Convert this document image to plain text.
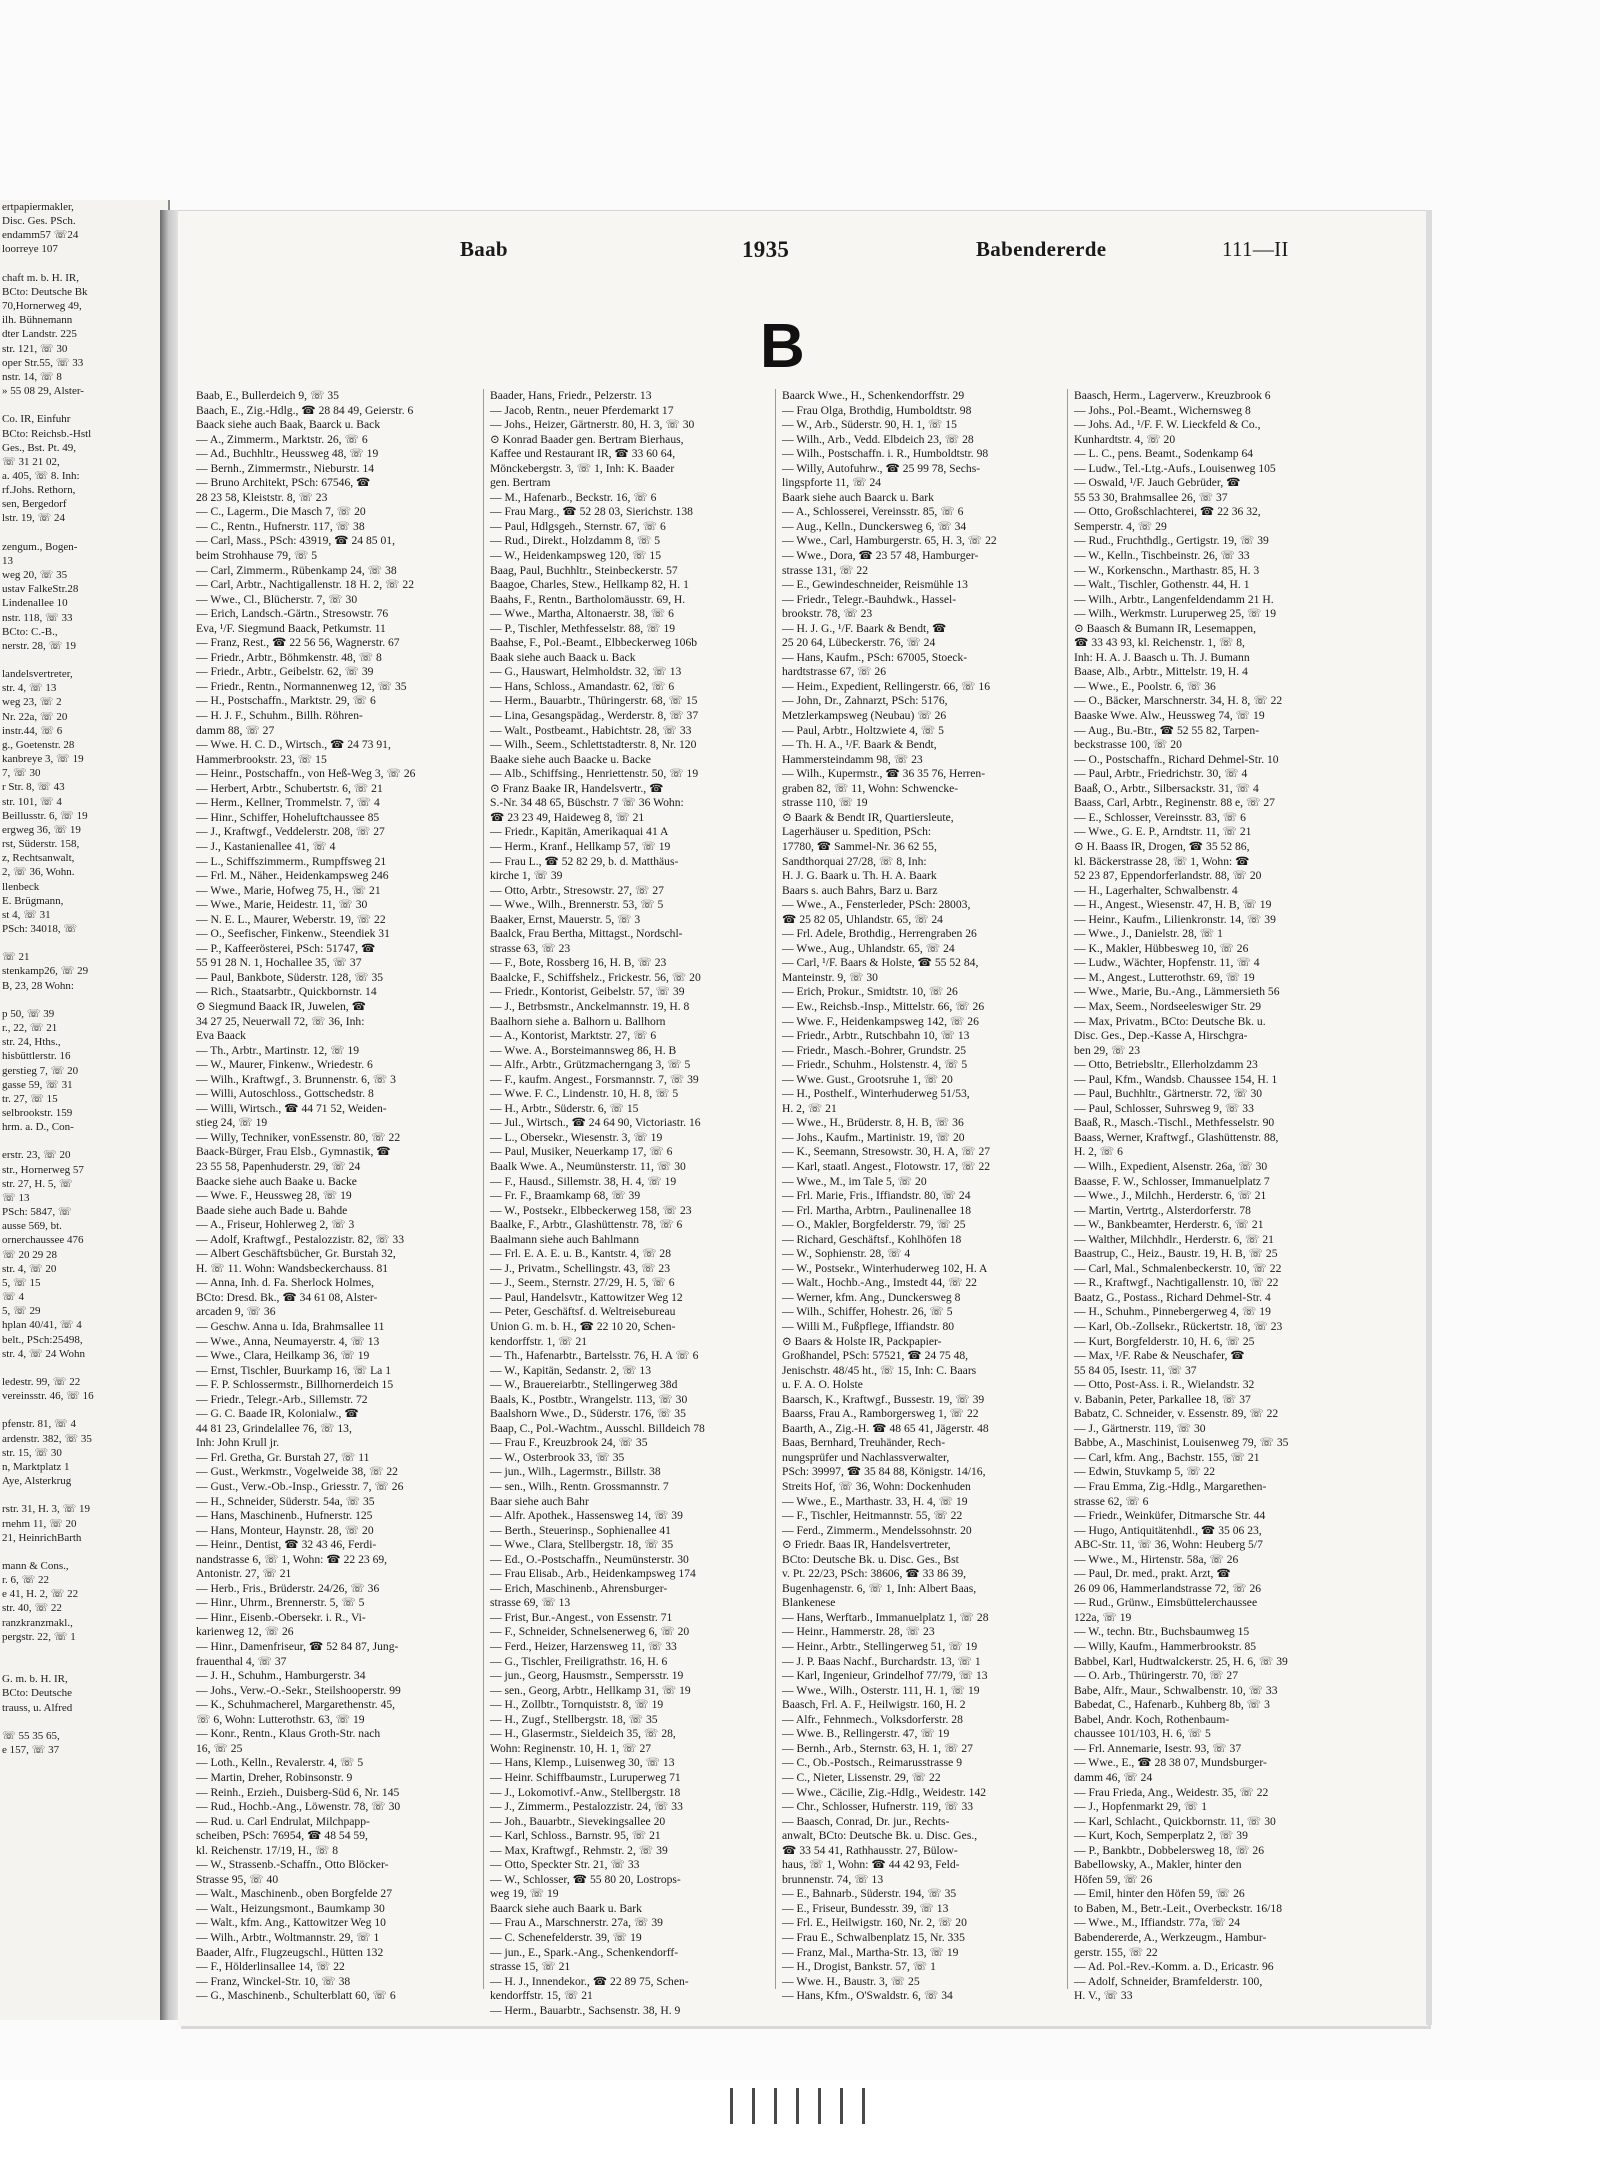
ertpapiermakler,
Disc. Ges. PSch.
endamm57 ☏24
loorreye 107

chaft m. b. H. IR,
BCto: Deutsche Bk
70,Hornerweg 49,
ilh. Bühnemann
dter Landstr. 225
str. 121, ☏ 30
oper Str.55, ☏ 33
nstr. 14, ☏ 8
» 55 08 29, Alster-

Co. IR, Einfuhr
BCto: Reichsb.-Hstl
Ges., Bst. Pt. 49,
☏ 31 21 02,
a. 405, ☏ 8. Inh:
rf.Johs. Rethorn,
sen, Bergedorf
lstr. 19, ☏ 24

zengum., Bogen-
13
weg 20, ☏ 35
ustav FalkeStr.28
Lindenallee 10
nstr. 118, ☏ 33
BCto: C.-B.,
nerstr. 28, ☏ 19

landelsvertreter,
str. 4, ☏ 13
weg 23, ☏ 2
Nr. 22a, ☏ 20
instr.44, ☏ 6
g., Goetenstr. 28
kanbreye 3, ☏ 19
7, ☏ 30
r Str. 8, ☏ 43
str. 101, ☏ 4
Beillusstr. 6, ☏ 19
ergweg 36, ☏ 19
rst, Süderstr. 158,
z, Rechtsanwalt,
2, ☏ 36, Wohn.
llenbeck
E. Brügmann,
st 4, ☏ 31
PSch: 34018, ☏

☏ 21
stenkamp26, ☏ 29
B, 23, 28 Wohn:

p 50, ☏ 39
r., 22, ☏ 21
str. 24, Hths.,
hisbüttlerstr. 16
gerstieg 7, ☏ 20
gasse 59, ☏ 31
tr. 27, ☏ 15
selbrookstr. 159
hrm. a. D., Con-

erstr. 23, ☏ 20
str., Hornerweg 57
str. 27, H. 5, ☏
☏ 13
PSch: 5847, ☏
ausse 569, bt.
ornerchaussee 476
☏ 20 29 28
str. 4, ☏ 20
5, ☏ 15
☏ 4
5, ☏ 29
hplan 40/41, ☏ 4
belt., PSch:25498,
str. 4, ☏ 24 Wohn

ledestr. 99, ☏ 22
vereinsstr. 46, ☏ 16

pfenstr. 81, ☏ 4
ardenstr. 382, ☏ 35
str. 15, ☏ 30
n, Marktplatz 1
Aye, Alsterkrug

rstr. 31, H. 3, ☏ 19
rnehm 11, ☏ 20
21, HeinrichBarth

mann & Cons.,
r. 6, ☏ 22
e 41, H. 2, ☏ 22
str. 40, ☏ 22
ranzkranzmakl.,
pergstr. 22, ☏ 1

G. m. b. H. IR,
BCto: Deutsche
trauss, u. Alfred

☏ 55 35 65,
e 157, ☏ 37
Baab	1935	Babendererde	111—II
B
Baab, E., Bullerdeich 9, ☏ 35
Baach, E., Zig.-Hdlg., ☎ 28 84 49, Geierstr. 6
Baack siehe auch Baak, Baarck u. Back
— A., Zimmerm., Marktstr. 26, ☏ 6
— Ad., Buchhltr., Heussweg 48, ☏ 19
— Bernh., Zimmermstr., Nieburstr. 14
— Bruno Architekt, PSch: 67546, ☎
28 23 58, Kleiststr. 8, ☏ 23
— C., Lagerm., Die Masch 7, ☏ 20
— C., Rentn., Hufnerstr. 117, ☏ 38
— Carl, Mass., PSch: 43919, ☎ 24 85 01,
beim Strohhause 79, ☏ 5
— Carl, Zimmerm., Rübenkamp 24, ☏ 38
— Carl, Arbtr., Nachtigallenstr. 18 H. 2, ☏ 22
— Wwe., Cl., Blücherstr. 7, ☏ 30
— Erich, Landsch.-Gärtn., Stresowstr. 76
Eva, ¹/F. Siegmund Baack, Petkumstr. 11
— Franz, Rest., ☎ 22 56 56, Wagnerstr. 67
— Friedr., Arbtr., Böhmkenstr. 48, ☏ 8
— Friedr., Arbtr., Geibelstr. 62, ☏ 39
— Friedr., Rentn., Normannenweg 12, ☏ 35
— H., Postschaffn., Marktstr. 29, ☏ 6
— H. J. F., Schuhm., Billh. Röhren-
damm 88, ☏ 27
— Wwe. H. C. D., Wirtsch., ☎ 24 73 91,
Hammerbrookstr. 23, ☏ 15
— Heinr., Postschaffn., von Heß-Weg 3, ☏ 26
— Herbert, Arbtr., Schubertstr. 6, ☏ 21
— Herm., Kellner, Trommelstr. 7, ☏ 4
— Hinr., Schiffer, Hoheluftchaussee 85
— J., Kraftwgf., Veddelerstr. 208, ☏ 27
— J., Kastanienallee 41, ☏ 4
— L., Schiffszimmerm., Rumpffsweg 21
— Frl. M., Näher., Heidenkampsweg 246
— Wwe., Marie, Hofweg 75, H., ☏ 21
— Wwe., Marie, Heidestr. 11, ☏ 30
— N. E. L., Maurer, Weberstr. 19, ☏ 22
— O., Seefischer, Finkenw., Steendiek 31
— P., Kaffeerösterei, PSch: 51747, ☎
55 91 28 N. 1, Hochallee 35, ☏ 37
— Paul, Bankbote, Süderstr. 128, ☏ 35
— Rich., Staatsarbtr., Quickbornstr. 14
⊙ Siegmund Baack IR, Juwelen, ☎
34 27 25, Neuerwall 72, ☏ 36, Inh:
Eva Baack
— Th., Arbtr., Martinstr. 12, ☏ 19
— W., Maurer, Finkenw., Wriedestr. 6
— Wilh., Kraftwgf., 3. Brunnenstr. 6, ☏ 3
— Willi, Autoschloss., Gottschedstr. 8
— Willi, Wirtsch., ☎ 44 71 52, Weiden-
stieg 24, ☏ 19
— Willy, Techniker, vonEssenstr. 80, ☏ 22
Baack-Bürger, Frau Elsb., Gymnastik, ☎
23 55 58, Papenhuderstr. 29, ☏ 24
Baacke siehe auch Baake u. Backe
— Wwe. F., Heussweg 28, ☏ 19
Baade siehe auch Bade u. Bahde
— A., Friseur, Hohlerweg 2, ☏ 3
— Adolf, Kraftwgf., Pestalozzistr. 82, ☏ 33
— Albert Geschäftsbücher, Gr. Burstah 32,
H. ☏ 11. Wohn: Wandsbeckerchauss. 81
— Anna, Inh. d. Fa. Sherlock Holmes,
BCto: Dresd. Bk., ☎ 34 61 08, Alster-
arcaden 9, ☏ 36
— Geschw. Anna u. Ida, Brahmsallee 11
— Wwe., Anna, Neumayerstr. 4, ☏ 13
— Wwe., Clara, Heilkamp 36, ☏ 19
— Ernst, Tischler, Buurkamp 16, ☏ La 1
— F. P. Schlossermstr., Billhornerdeich 15
— Friedr., Telegr.-Arb., Sillemstr. 72
— G. C. Baade IR, Kolonialw., ☎
44 81 23, Grindelallee 76, ☏ 13,
Inh: John Krull jr.
— Frl. Gretha, Gr. Burstah 27, ☏ 11
— Gust., Werkmstr., Vogelweide 38, ☏ 22
— Gust., Verw.-Ob.-Insp., Griesstr. 7, ☏ 26
— H., Schneider, Süderstr. 54a, ☏ 35
— Hans, Maschinenb., Hufnerstr. 125
— Hans, Monteur, Haynstr. 28, ☏ 20
— Heinr., Dentist, ☎ 32 43 46, Ferdi-
nandstrasse 6, ☏ 1, Wohn: ☎ 22 23 69,
Antonistr. 27, ☏ 21
— Herb., Fris., Brüderstr. 24/26, ☏ 36
— Hinr., Uhrm., Brennerstr. 5, ☏ 5
— Hinr., Eisenb.-Obersekr. i. R., Vi-
karienweg 12, ☏ 26
— Hinr., Damenfriseur, ☎ 52 84 87, Jung-
frauenthal 4, ☏ 37
— J. H., Schuhm., Hamburgerstr. 34
— Johs., Verw.-O.-Sekr., Steilshooperstr. 99
— K., Schuhmacherel, Margarethenstr. 45,
☏ 6, Wohn: Lutterothstr. 63, ☏ 19
— Konr., Rentn., Klaus Groth-Str. nach
16, ☏ 25
— Loth., Kelln., Revalerstr. 4, ☏ 5
— Martin, Dreher, Robinsonstr. 9
— Reinh., Erzieh., Duisberg-Süd 6, Nr. 145
— Rud., Hochb.-Ang., Löwenstr. 78, ☏ 30
— Rud. u. Carl Endrulat, Milchpapp-
scheiben, PSch: 76954, ☎ 48 54 59,
kl. Reichenstr. 17/19, H., ☏ 8
— W., Strassenb.-Schaffn., Otto Blöcker-
Strasse 95, ☏ 40
— Walt., Maschinenb., oben Borgfelde 27
— Walt., Heizungsmont., Baumkamp 30
— Walt., kfm. Ang., Kattowitzer Weg 10
— Wilh., Arbtr., Woltmannstr. 29, ☏ 1
Baader, Alfr., Flugzeugschl., Hütten 132
— F., Hölderlinsallee 14, ☏ 22
— Franz, Winckel-Str. 10, ☏ 38
— G., Maschinenb., Schulterblatt 60, ☏ 6
Baader, Hans, Friedr., Pelzerstr. 13
— Jacob, Rentn., neuer Pferdemarkt 17
— Johs., Heizer, Gärtnerstr. 80, H. 3, ☏ 30
⊙ Konrad Baader gen. Bertram Bierhaus,
Kaffee und Restaurant IR, ☎ 33 60 64,
Mönckebergstr. 3, ☏ 1, Inh: K. Baader
gen. Bertram
— M., Hafenarb., Beckstr. 16, ☏ 6
— Frau Marg., ☎ 52 28 03, Sierichstr. 138
— Paul, Hdlgsgeh., Sternstr. 67, ☏ 6
— Rud., Direkt., Holzdamm 8, ☏ 5
— W., Heidenkampsweg 120, ☏ 15
Baag, Paul, Buchhltr., Steinbeckerstr. 57
Baagoe, Charles, Stew., Hellkamp 82, H. 1
Baahs, F., Rentn., Bartholomäusstr. 69, H.
— Wwe., Martha, Altonaerstr. 38, ☏ 6
— P., Tischler, Methfesselstr. 88, ☏ 19
Baahse, F., Pol.-Beamt., Elbbeckerweg 106b
Baak siehe auch Baack u. Back
— G., Hauswart, Helmholdstr. 32, ☏ 13
— Hans, Schloss., Amandastr. 62, ☏ 6
— Herm., Bauarbtr., Thüringerstr. 68, ☏ 15
— Lina, Gesangspädag., Werderstr. 8, ☏ 37
— Walt., Postbeamt., Habichtstr. 28, ☏ 33
— Wilh., Seem., Schlettstadterstr. 8, Nr. 120
Baake siehe auch Baacke u. Backe
— Alb., Schiffsing., Henriettenstr. 50, ☏ 19
⊙ Franz Baake IR, Handelsvertr., ☎
S.-Nr. 34 48 65, Büschstr. 7 ☏ 36 Wohn:
☎ 23 23 49, Haideweg 8, ☏ 21
— Friedr., Kapitän, Amerikaquai 41 A
— Herm., Kranf., Hellkamp 57, ☏ 19
— Frau L., ☎ 52 82 29, b. d. Matthäus-
kirche 1, ☏ 39
— Otto, Arbtr., Stresowstr. 27, ☏ 27
— Wwe., Wilh., Brennerstr. 53, ☏ 5
Baaker, Ernst, Mauerstr. 5, ☏ 3
Baalck, Frau Bertha, Mittagst., Nordschl-
strasse 63, ☏ 23
— F., Bote, Rossberg 16, H. B, ☏ 23
Baalcke, F., Schiffshelz., Frickestr. 56, ☏ 20
— Friedr., Kontorist, Geibelstr. 57, ☏ 39
— J., Betrbsmstr., Anckelmannstr. 19, H. 8
Baalhorn siehe a. Balhorn u. Ballhorn
— A., Kontorist, Marktstr. 27, ☏ 6
— Wwe. A., Borsteimannsweg 86, H. B
— Alfr., Arbtr., Grützmacherngang 3, ☏ 5
— F., kaufm. Angest., Forsmannstr. 7, ☏ 39
— Wwe. F. C., Lindenstr. 10, H. 8, ☏ 5
— H., Arbtr., Süderstr. 6, ☏ 15
— Jul., Wirtsch., ☎ 24 64 90, Victoriastr. 16
— L., Obersekr., Wiesenstr. 3, ☏ 19
— Paul, Musiker, Neuerkamp 17, ☏ 6
Baalk Wwe. A., Neumünsterstr. 11, ☏ 30
— F., Hausd., Sillemstr. 38, H. 4, ☏ 19
— Fr. F., Braamkamp 68, ☏ 39
— W., Postsekr., Elbbeckerweg 158, ☏ 23
Baalke, F., Arbtr., Glashüttenstr. 78, ☏ 6
Baalmann siehe auch Bahlmann
— Frl. E. A. E. u. B., Kantstr. 4, ☏ 28
— J., Privatm., Schellingstr. 43, ☏ 23
— J., Seem., Sternstr. 27/29, H. 5, ☏ 6
— Paul, Handelsvtr., Kattowitzer Weg 12
— Peter, Geschäftsf. d. Weltreisebureau
Union G. m. b. H., ☎ 22 10 20, Schen-
kendorffstr. 1, ☏ 21
— Th., Hafenarbtr., Bartelsstr. 76, H. A ☏ 6
— W., Kapitän, Sedanstr. 2, ☏ 13
— W., Brauereiarbtr., Stellingerweg 38d
Baals, K., Postbtr., Wrangelstr. 113, ☏ 30
Baalshorn Wwe., D., Süderstr. 176, ☏ 35
Baap, C., Pol.-Wachtm., Ausschl. Billdeich 78
— Frau F., Kreuzbrook 24, ☏ 35
— W., Osterbrook 33, ☏ 35
— jun., Wilh., Lagermstr., Billstr. 38
— sen., Wilh., Rentn. Grossmannstr. 7
Baar siehe auch Bahr
— Alfr. Apothek., Hassensweg 14, ☏ 39
— Berth., Steuerinsp., Sophienallee 41
— Wwe., Clara, Stellbergstr. 18, ☏ 35
— Ed., O.-Postschaffn., Neumünsterstr. 30
— Frau Elisab., Arb., Heidenkampsweg 174
— Erich, Maschinenb., Ahrensburger-
strasse 69, ☏ 13
— Frist, Bur.-Angest., von Essenstr. 71
— F., Schneider, Schnelsenerweg 6, ☏ 20
— Ferd., Heizer, Harzensweg 11, ☏ 33
— G., Tischler, Freiligrathstr. 16, H. 6
— jun., Georg, Hausmstr., Sempersstr. 19
— sen., Georg, Arbtr., Hellkamp 31, ☏ 19
— H., Zollbtr., Tornquiststr. 8, ☏ 19
— H., Zugf., Stellbergstr. 18, ☏ 35
— H., Glasermstr., Sieldeich 35, ☏ 28,
Wohn: Reginenstr. 10, H. 1, ☏ 27
— Hans, Klemp., Luisenweg 30, ☏ 13
— Heinr. Schiffbaumstr., Luruperweg 71
— J., Lokomotivf.-Anw., Stellbergstr. 18
— J., Zimmerm., Pestalozzistr. 24, ☏ 33
— Joh., Bauarbtr., Sievekingsallee 20
— Karl, Schloss., Barnstr. 95, ☏ 21
— Max, Kraftwgf., Rehmstr. 2, ☏ 39
— Otto, Speckter Str. 21, ☏ 33
— W., Schlosser, ☎ 55 80 20, Lostrops-
weg 19, ☏ 19
Baarck siehe auch Baark u. Bark
— Frau A., Marschnerstr. 27a, ☏ 39
— C. Schenefelderstr. 39, ☏ 19
— jun., E., Spark.-Ang., Schenkendorff-
strasse 15, ☏ 21
— H. J., Innendekor., ☎ 22 89 75, Schen-
kendorffstr. 15, ☏ 21
— Herm., Bauarbtr., Sachsenstr. 38, H. 9
Baarck Wwe., H., Schenkendorffstr. 29
— Frau Olga, Brothdig, Humboldtstr. 98
— W., Arb., Süderstr. 90, H. 1, ☏ 15
— Wilh., Arb., Vedd. Elbdeich 23, ☏ 28
— Wilh., Postschaffn. i. R., Humboldtstr. 98
— Willy, Autofuhrw., ☎ 25 99 78, Sechs-
lingspforte 11, ☏ 24
Baark siehe auch Baarck u. Bark
— A., Schlosserei, Vereinsstr. 85, ☏ 6
— Aug., Kelln., Dunckersweg 6, ☏ 34
— Wwe., Carl, Hamburgerstr. 65, H. 3, ☏ 22
— Wwe., Dora, ☎ 23 57 48, Hamburger-
strasse 131, ☏ 22
— E., Gewindeschneider, Reismühle 13
— Friedr., Telegr.-Bauhdwk., Hassel-
brookstr. 78, ☏ 23
— H. J. G., ¹/F. Baark & Bendt, ☎
25 20 64, Lübeckerstr. 76, ☏ 24
— Hans, Kaufm., PSch: 67005, Stoeck-
hardtstrasse 67, ☏ 26
— Heim., Expedient, Rellingerstr. 66, ☏ 16
— John, Dr., Zahnarzt, PSch: 5176,
Metzlerkampsweg (Neubau) ☏ 26
— Paul, Arbtr., Holtzwiete 4, ☏ 5
— Th. H. A., ¹/F. Baark & Bendt,
Hammersteindamm 98, ☏ 23
— Wilh., Kupermstr., ☎ 36 35 76, Herren-
graben 82, ☏ 11, Wohn: Schwencke-
strasse 110, ☏ 19
⊙ Baark & Bendt IR, Quartiersleute,
Lagerhäuser u. Spedition, PSch:
17780, ☎ Sammel-Nr. 36 62 55,
Sandthorquai 27/28, ☏ 8, Inh:
H. J. G. Baark u. Th. H. A. Baark
Baars s. auch Bahrs, Barz u. Barz
— Wwe., A., Fensterleder, PSch: 28003,
☎ 25 82 05, Uhlandstr. 65, ☏ 24
— Frl. Adele, Brothdig., Herrengraben 26
— Wwe., Aug., Uhlandstr. 65, ☏ 24
— Carl, ¹/F. Baars & Holste, ☎ 55 52 84,
Manteinstr. 9, ☏ 30
— Erich, Prokur., Smidtstr. 10, ☏ 26
— Ew., Reichsb.-Insp., Mittelstr. 66, ☏ 26
— Wwe. F., Heidenkampsweg 142, ☏ 26
— Friedr., Arbtr., Rutschbahn 10, ☏ 13
— Friedr., Masch.-Bohrer, Grundstr. 25
— Friedr., Schuhm., Holstenstr. 4, ☏ 5
— Wwe. Gust., Grootsruhe 1, ☏ 20
— H., Posthelf., Winterhuderweg 51/53,
H. 2, ☏ 21
— Wwe., H., Brüderstr. 8, H. B, ☏ 36
— Johs., Kaufm., Martinistr. 19, ☏ 20
— K., Seemann, Stresowstr. 30, H. A, ☏ 27
— Karl, staatl. Angest., Flotowstr. 17, ☏ 22
— Wwe., M., im Tale 5, ☏ 20
— Frl. Marie, Fris., Iffiandstr. 80, ☏ 24
— Frl. Martha, Arbtrn., Paulinenallee 18
— O., Makler, Borgfelderstr. 79, ☏ 25
— Richard, Geschäftsf., Kohlhöfen 18
— W., Sophienstr. 28, ☏ 4
— W., Postsekr., Winterhuderweg 102, H. A
— Walt., Hochb.-Ang., Imstedt 44, ☏ 22
— Werner, kfm. Ang., Dunckersweg 8
— Wilh., Schiffer, Hohestr. 26, ☏ 5
— Willi M., Fußpflege, Iffiandstr. 80
⊙ Baars & Holste IR, Packpapier-
Großhandel, PSch: 57521, ☎ 24 75 48,
Jenischstr. 48/45 ht., ☏ 15, Inh: C. Baars
u. F. A. O. Holste
Baarsch, K., Kraftwgf., Bussestr. 19, ☏ 39
Baarss, Frau A., Ramborgersweg 1, ☏ 22
Baarth, A., Zig.-H. ☎ 48 65 41, Jägerstr. 48
Baas, Bernhard, Treuhänder, Rech-
nungsprüfer und Nachlassverwalter,
PSch: 39997, ☎ 35 84 88, Königstr. 14/16,
Streits Hof, ☏ 36, Wohn: Dockenhuden
— Wwe., E., Marthastr. 33, H. 4, ☏ 19
— F., Tischler, Heitmannstr. 55, ☏ 22
— Ferd., Zimmerm., Mendelssohnstr. 20
⊙ Friedr. Baas IR, Handelsvertreter,
BCto: Deutsche Bk. u. Disc. Ges., Bst
v. Pt. 22/23, PSch: 38606, ☎ 33 86 39,
Bugenhagenstr. 6, ☏ 1, Inh: Albert Baas,
Blankenese
— Hans, Werftarb., Immanuelplatz 1, ☏ 28
— Heinr., Hammerstr. 28, ☏ 23
— Heinr., Arbtr., Stellingerweg 51, ☏ 19
— J. P. Baas Nachf., Burchardstr. 13, ☏ 1
— Karl, Ingenieur, Grindelhof 77/79, ☏ 13
— Wwe., Wilh., Osterstr. 111, H. 1, ☏ 19
Baasch, Frl. A. F., Heilwigstr. 160, H. 2
— Alfr., Fehnmech., Volksdorferstr. 28
— Wwe. B., Rellingerstr. 47, ☏ 19
— Bernh., Arb., Sternstr. 63, H. 1, ☏ 27
— C., Ob.-Postsch., Reimarusstrasse 9
— C., Nieter, Lissenstr. 29, ☏ 22
— Wwe., Cäcilie, Zig.-Hdlg., Weidestr. 142
— Chr., Schlosser, Hufnerstr. 119, ☏ 33
— Baasch, Conrad, Dr. jur., Rechts-
anwalt, BCto: Deutsche Bk. u. Disc. Ges.,
☎ 33 54 41, Rathhausstr. 27, Bülow-
haus, ☏ 1, Wohn: ☎ 44 42 93, Feld-
brunnenstr. 74, ☏ 13
— E., Bahnarb., Süderstr. 194, ☏ 35
— E., Friseur, Bundesstr. 39, ☏ 13
— Frl. E., Heilwigstr. 160, Nr. 2, ☏ 20
— Frau E., Schwalbenplatz 15, Nr. 335
— Franz, Mal., Martha-Str. 13, ☏ 19
— H., Drogist, Bankstr. 57, ☏ 1
— Wwe. H., Baustr. 3, ☏ 25
— Hans, Kfm., O'Swaldstr. 6, ☏ 34
Baasch, Herm., Lagerverw., Kreuzbrook 6
— Johs., Pol.-Beamt., Wichernsweg 8
— Johs. Ad., ¹/F. F. W. Lieckfeld & Co.,
Kunhardtstr. 4, ☏ 20
— L. C., pens. Beamt., Sodenkamp 64
— Ludw., Tel.-Ltg.-Aufs., Louisenweg 105
— Oswald, ¹/F. Jauch Gebrüder, ☎
55 53 30, Brahmsallee 26, ☏ 37
— Otto, Großschlachterei, ☎ 22 36 32,
Semperstr. 4, ☏ 29
— Rud., Fruchthdlg., Gertigstr. 19, ☏ 39
— W., Kelln., Tischbeinstr. 26, ☏ 33
— W., Korkenschn., Marthastr. 85, H. 3
— Walt., Tischler, Gothenstr. 44, H. 1
— Wilh., Arbtr., Langenfeldendamm 21 H.
— Wilh., Werkmstr. Luruperweg 25, ☏ 19
⊙ Baasch & Bumann IR, Lesemappen,
☎ 33 43 93, kl. Reichenstr. 1, ☏ 8,
Inh: H. A. J. Baasch u. Th. J. Bumann
Baase, Alb., Arbtr., Mittelstr. 19, H. 4
— Wwe., E., Poolstr. 6, ☏ 36
— O., Bäcker, Marschnerstr. 34, H. 8, ☏ 22
Baaske Wwe. Alw., Heussweg 74, ☏ 19
— Aug., Bu.-Btr., ☎ 52 55 82, Tarpen-
beckstrasse 100, ☏ 20
— O., Postschaffn., Richard Dehmel-Str. 10
— Paul, Arbtr., Friedrichstr. 30, ☏ 4
Baaß, O., Arbtr., Silbersackstr. 31, ☏ 4
Baass, Carl, Arbtr., Reginenstr. 88 e, ☏ 27
— E., Schlosser, Vereinsstr. 83, ☏ 6
— Wwe., G. E. P., Arndtstr. 11, ☏ 21
⊙ H. Baass IR, Drogen, ☎ 35 52 86,
kl. Bäckerstrasse 28, ☏ 1, Wohn: ☎
52 23 87, Eppendorferlandstr. 88, ☏ 20
— H., Lagerhalter, Schwalbenstr. 4
— H., Angest., Wiesenstr. 47, H. B, ☏ 19
— Heinr., Kaufm., Lilienkronstr. 14, ☏ 39
— Wwe., J., Danielstr. 28, ☏ 1
— K., Makler, Hübbesweg 10, ☏ 26
— Ludw., Wächter, Hopfenstr. 11, ☏ 4
— M., Angest., Lutterothstr. 69, ☏ 19
— Wwe., Marie, Bu.-Ang., Lämmersieth 56
— Max, Seem., Nordseeleswiger Str. 29
— Max, Privatm., BCto: Deutsche Bk. u.
Disc. Ges., Dep.-Kasse A, Hirschgra-
ben 29, ☏ 23
— Otto, Betriebsltr., Ellerholzdamm 23
— Paul, Kfm., Wandsb. Chaussee 154, H. 1
— Paul, Buchhltr., Gärtnerstr. 72, ☏ 30
— Paul, Schlosser, Suhrsweg 9, ☏ 33
Baaß, R., Masch.-Tischl., Methfesselstr. 90
Baass, Werner, Kraftwgf., Glashüttenstr. 88,
H. 2, ☏ 6
— Wilh., Expedient, Alsenstr. 26a, ☏ 30
Baasse, F. W., Schlosser, Immanuelplatz 7
— Wwe., J., Milchh., Herderstr. 6, ☏ 21
— Martin, Vertrtg., Alsterdorferstr. 78
— W., Bankbeamter, Herderstr. 6, ☏ 21
— Walther, Milchhdlr., Herderstr. 6, ☏ 21
Baastrup, C., Heiz., Baustr. 19, H. B, ☏ 25
— Carl, Mal., Schmalenbeckerstr. 10, ☏ 22
— R., Kraftwgf., Nachtigallenstr. 10, ☏ 22
Baatz, G., Postass., Richard Dehmel-Str. 4
— H., Schuhm., Pinnebergerweg 4, ☏ 19
— Karl, Ob.-Zollsekr., Rückertstr. 18, ☏ 23
— Kurt, Borgfelderstr. 10, H. 6, ☏ 25
— Max, ¹/F. Rabe & Neuschafer, ☎
55 84 05, Isestr. 11, ☏ 37
— Otto, Post-Ass. i. R., Wielandstr. 32
v. Babanin, Peter, Parkallee 18, ☏ 37
Babatz, C. Schneider, v. Essenstr. 89, ☏ 22
— J., Gärtnerstr. 119, ☏ 30
Babbe, A., Maschinist, Louisenweg 79, ☏ 35
— Carl, kfm. Ang., Bachstr. 155, ☏ 21
— Edwin, Stuvkamp 5, ☏ 22
— Frau Emma, Zig.-Hdlg., Margarethen-
strasse 62, ☏ 6
— Friedr., Weinküfer, Ditmarsche Str. 44
— Hugo, Antiquitätenhdl., ☎ 35 06 23,
ABC-Str. 11, ☏ 36, Wohn: Heuberg 5/7
— Wwe., M., Hirtenstr. 58a, ☏ 26
— Paul, Dr. med., prakt. Arzt, ☎
26 09 06, Hammerlandstrasse 72, ☏ 26
— Rud., Grünw., Eimsbüttelerchaussee
122a, ☏ 19
— W., techn. Btr., Buchsbaumweg 15
— Willy, Kaufm., Hammerbrookstr. 85
Babbel, Karl, Hudtwalckerstr. 25, H. 6, ☏ 39
— O. Arb., Thüringerstr. 70, ☏ 27
Babe, Alfr., Maur., Schwalbenstr. 10, ☏ 33
Babedat, C., Hafenarb., Kuhberg 8b, ☏ 3
Babel, Andr. Koch, Rothenbaum-
chaussee 101/103, H. 6, ☏ 5
— Frl. Annemarie, Isestr. 93, ☏ 37
— Wwe., E., ☎ 28 38 07, Mundsburger-
damm 46, ☏ 24
— Frau Frieda, Ang., Weidestr. 35, ☏ 22
— J., Hopfenmarkt 29, ☏ 1
— Karl, Schlacht., Quickbornstr. 11, ☏ 30
— Kurt, Koch, Semperplatz 2, ☏ 39
— P., Bankbtr., Dobbelersweg 18, ☏ 26
Babellowsky, A., Makler, hinter den
Höfen 59, ☏ 26
— Emil, hinter den Höfen 59, ☏ 26
to Baben, M., Betr.-Leit., Overbeckstr. 16/18
— Wwe., M., Iffiandstr. 77a, ☏ 24
Babendererde, A., Werkzeugm., Hambur-
gerstr. 155, ☏ 22
— Ad. Pol.-Rev.-Komm. a. D., Ericastr. 96
— Adolf, Schneider, Bramfelderstr. 100,
H. V., ☏ 33
